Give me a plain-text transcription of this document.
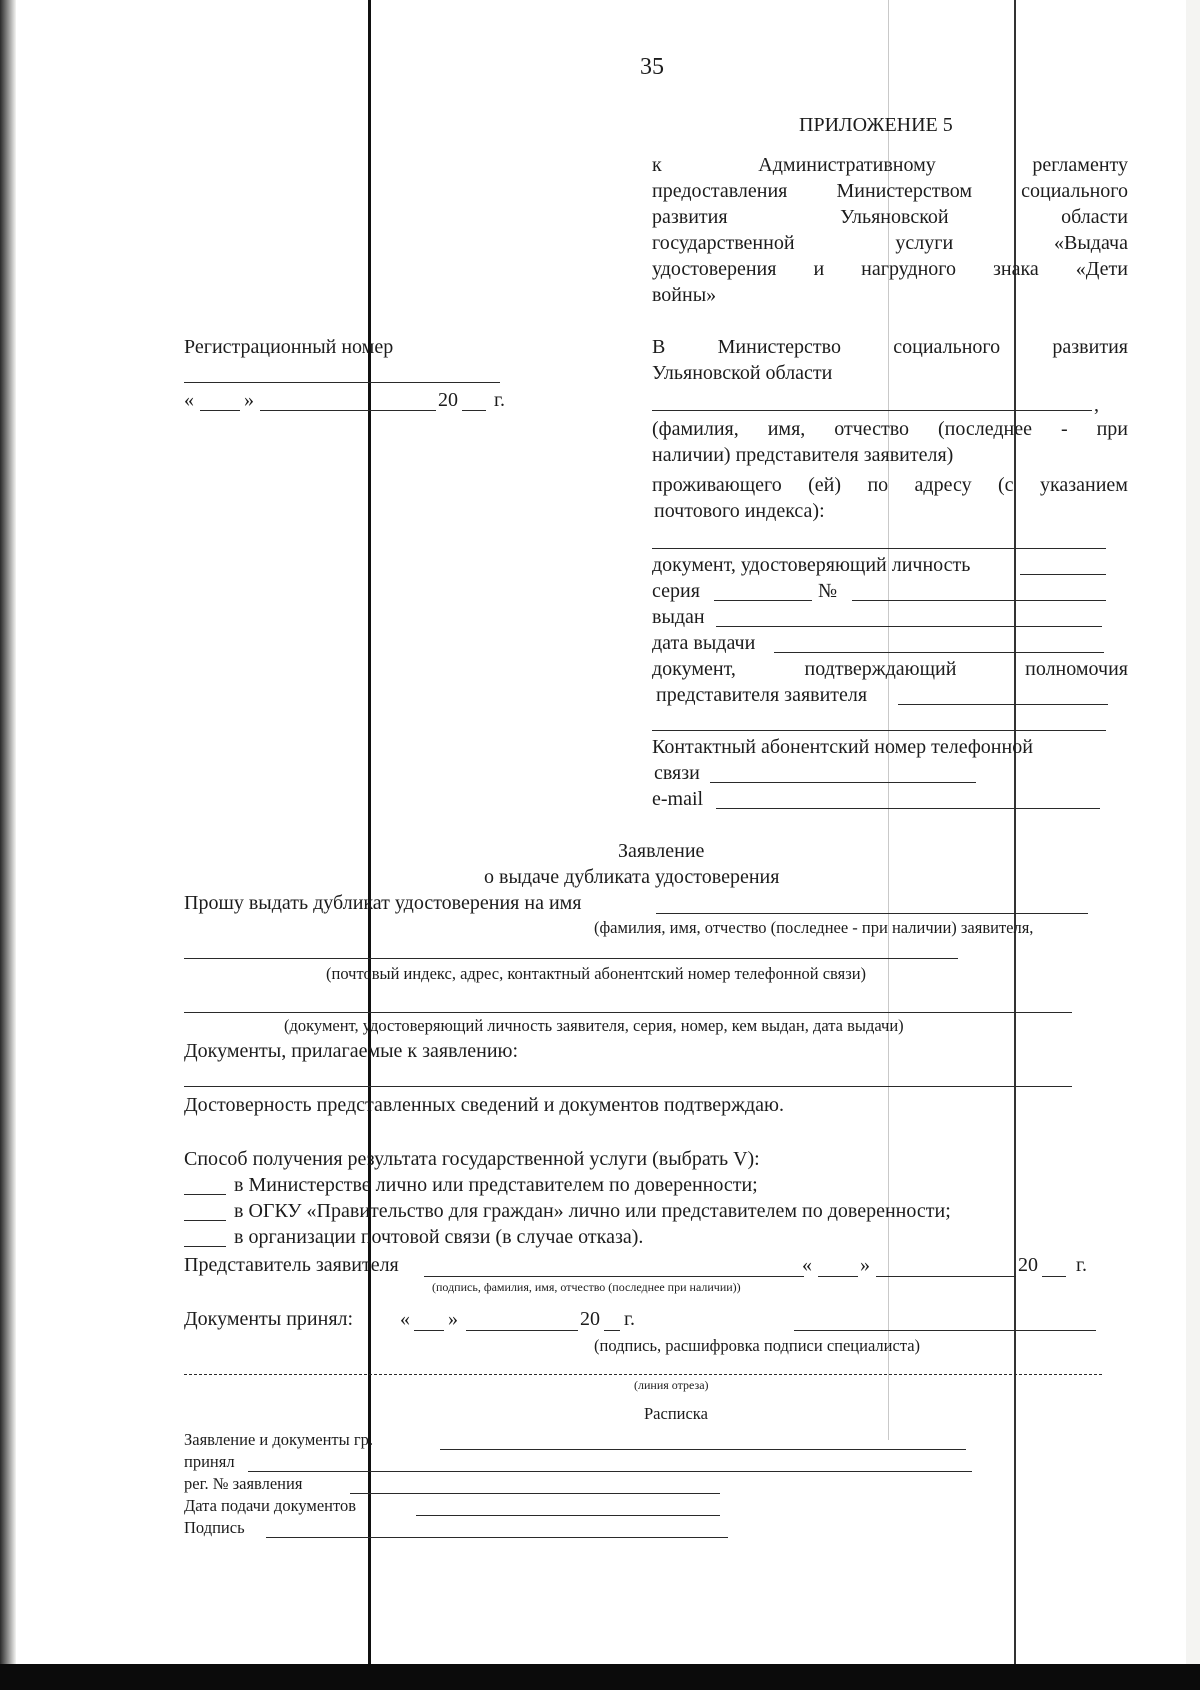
35
ПРИЛОЖЕНИЕ 5
к	Административному	регламенту
предоставления Министерством социального
развития	Ульяновской	области
государственной	услуги	«Выдача
удостоверения и нагрудного знака «Дети
войны»
Регистрационный номер
«	»	20 г.
В	Министерство	социального	развития
Ульяновской области
,
(фамилия, имя, отчество (последнее - при
наличии) представителя заявителя)
проживающего (ей) по адресу (с указанием
почтового индекса):
документ, удостоверяющий личность
серия	№
выдан
дата выдачи
документ,	подтверждающий	полномочия
представителя заявителя
Контактный абонентский номер телефонной
связи
e-mail
Заявление
о выдаче дубликата удостоверения
Прошу выдать дубликат удостоверения на имя
(фамилия, имя, отчество (последнее - при наличии) заявителя,
(почтовый индекс, адрес, контактный абонентский номер телефонной связи)
(документ, удостоверяющий личность заявителя, серия, номер, кем выдан, дата выдачи)
Документы, прилагаемые к заявлению:
Достоверность представленных сведений и документов подтверждаю.
Способ получения результата государственной услуги (выбрать V):
в Министерстве лично или представителем по доверенности;
в ОГКУ «Правительство для граждан» лично или представителем по доверенности;
в организации почтовой связи (в случае отказа).
Представитель заявителя	« »	20 г.
(подпись, фамилия, имя, отчество (последнее при наличии))
Документы принял: « »	20 г.
(подпись, расшифровка подписи специалиста)
(линия отреза)
Расписка
Заявление и документы гр.
принял
рег. № заявления
Дата подачи документов
Подпись
